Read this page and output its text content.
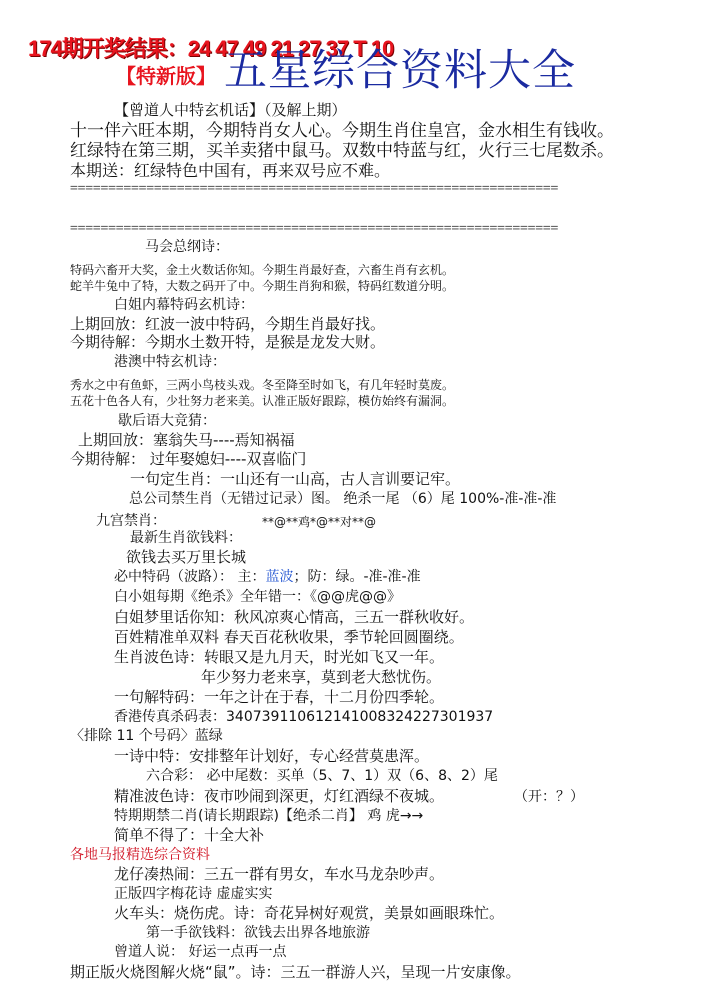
174期开奖结果：24 47 49 21 27 37 T 10
【特新版】 五星综合资料大全
【曾道人中特玄机话】（及解上期）
十一伴六旺本期，今期特肖女人心。今期生肖住皇宫，金水相生有钱收。
红绿特在第三期，买羊卖猪中鼠马。双数中特蓝与红，火行三七尾数杀。
本期送：红绿特色中国有，再来双号应不难。
================================================================
================================================================
马会总纲诗：
特码六畜开大奖，金土火数话你知。今期生肖最好查，六畜生肖有玄机。
蛇羊牛兔中了特，大数之码开了中。今期生肖狗和猴，特码红数道分明。
白姐内幕特码玄机诗：
上期回放：红波一波中特码，今期生肖最好找。
今期待解：今期水土数开特，是猴是龙发大财。
港澳中特玄机诗：
秀水之中有鱼虾，三两小鸟枝头戏。冬至降至时如飞，有几年轻时莫废。
五花十色各人有，少壮努力老来美。认准正版好跟踪，模仿始终有漏洞。
歇后语大竞猜：
上期回放：塞翁失马----焉知祸福
今期待解： 过年娶媳妇----双喜临门
一句定生肖：一山还有一山高，古人言训要记牢。
总公司禁生肖（无错过记录）图。 绝杀一尾 （6）尾 100%-准-准-准
九宫禁肖：	**@**鸡*@**对**@
最新生肖欲钱料：
欲钱去买万里长城
必中特码（波路）： 主：蓝波；防：绿。-准-准-准
白小姐每期《绝杀》全年错一：《@@虎@@》
白姐梦里话你知：秋风凉爽心情高，三五一群秋收好。
百姓精准单双料 春天百花秋收果，季节轮回圆圈绕。
生肖波色诗：转眼又是九月天，时光如飞又一年。
年少努力老来享，莫到老大愁忧伤。
一句解特码：一年之计在于春，十二月份四季轮。
香港传真杀码表：340739110612141008324227301937
〈排除 11 个号码〉蓝绿
一诗中特：安排整年计划好，专心经营莫患浑。
六合彩： 必中尾数：买单（5、7、1）双（6、8、2）尾
精准波色诗：夜市吵闹到深更，灯红酒绿不夜城。	（开：？）
特期期禁二肖(请长期跟踪)【绝杀二肖】 鸡 虎→→
简单不得了：十全大补
各地马报精选综合资料
龙仔凑热闹：三五一群有男女，车水马龙杂吵声。
正版四字梅花诗 虚虚实实
火车头：烧伤虎。诗：奇花异树好观赏，美景如画眼珠忙。
第一手欲钱料：欲钱去出界各地旅游
曾道人说： 好运一点再一点
期正版火烧图解火烧“鼠”。诗：三五一群游人兴，呈现一片安康像。
